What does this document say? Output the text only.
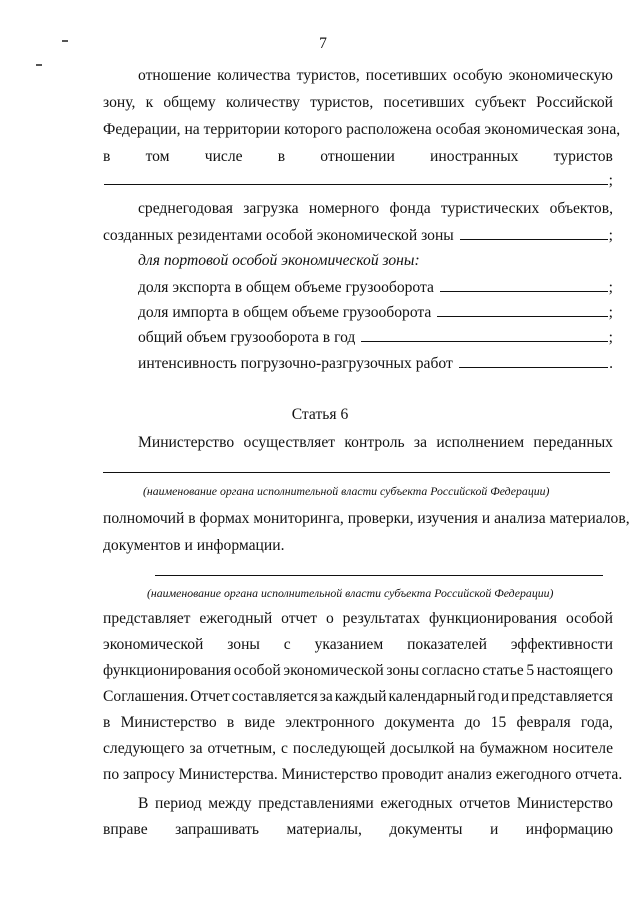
7
отношение количества туристов, посетивших особую экономическую
зону, к общему количеству туристов, посетивших субъект Российской
Федерации, на территории которого расположена особая экономическая зона,
в том числе в отношении иностранных туристов
;
среднегодовая загрузка номерного фонда туристических объектов,
созданных резидентами особой экономической зоны	;
для портовой особой экономической зоны:
доля экспорта в общем объеме грузооборота	;
доля импорта в общем объеме грузооборота	;
общий объем грузооборота в год	;
интенсивность погрузочно-разгрузочных работ	.
Статья 6
Министерство осуществляет контроль за исполнением переданных
(наименование органа исполнительной власти субъекта Российской Федерации)
полномочий в формах мониторинга, проверки, изучения и анализа материалов,
документов и информации.
(наименование органа исполнительной власти субъекта Российской Федерации)
представляет ежегодный отчет о результатах функционирования особой
экономической зоны с указанием показателей эффективности
функционирования особой экономической зоны согласно статье 5 настоящего
Соглашения. Отчет составляется за каждый календарный год и представляется
в Министерство в виде электронного документа до 15 февраля года,
следующего за отчетным, с последующей досылкой на бумажном носителе
по запросу Министерства. Министерство проводит анализ ежегодного отчета.
В период между представлениями ежегодных отчетов Министерство
вправе запрашивать материалы, документы и информацию
